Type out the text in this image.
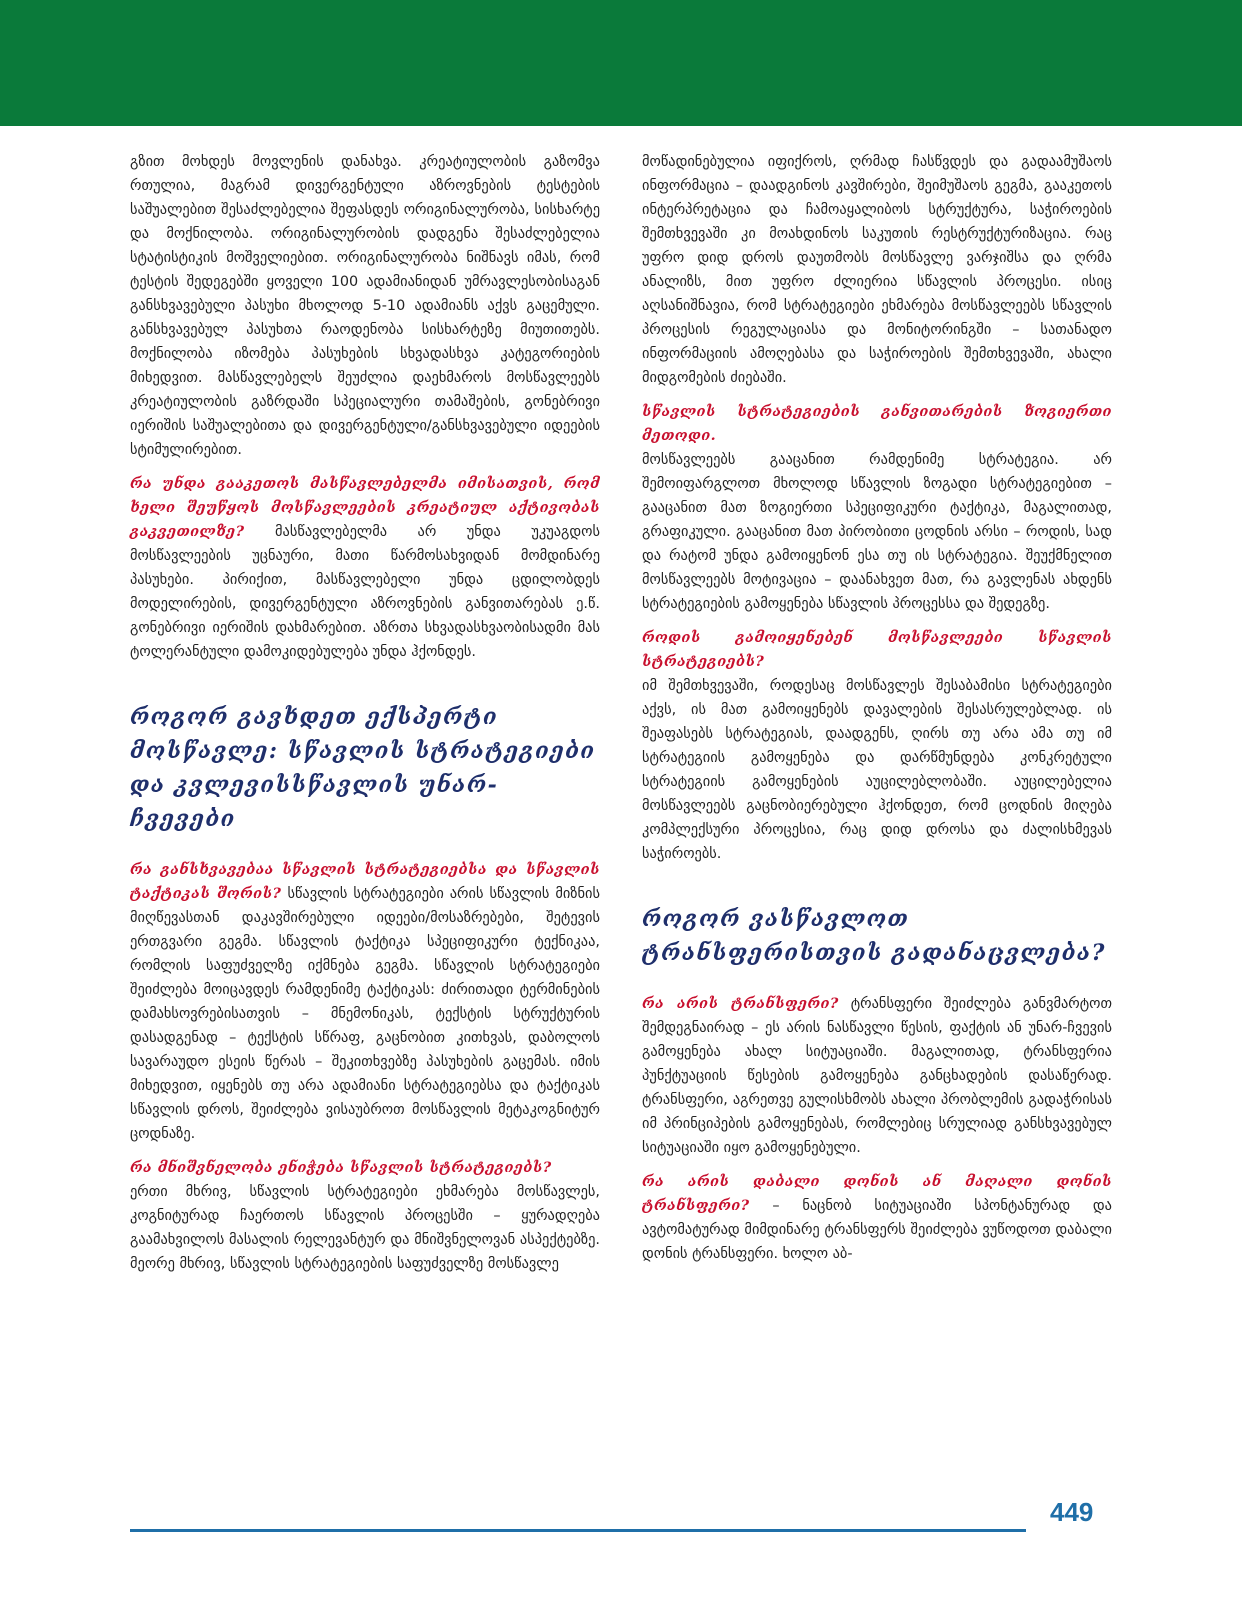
გზით მოხდეს მოვლენის დანახვა. კრეატიულობის გაზომვა რთულია, მაგრამ დივერგენტული აზროვნების ტესტების საშუალებით შესაძლებელია შეფასდეს ორიგინალურობა, სისხარტე და მოქნილობა. ორიგინალურობის დადგენა შესაძლებელია სტატისტიკის მოშველიებით. ორიგინალურობა ნიშნავს იმას, რომ ტესტის შედეგებში ყოველი 100 ადამიანიდან უმრავლესობისაგან განსხვავებული პასუხი მხოლოდ 5-10 ადამიანს აქვს გაცემული. განსხვავებულ პასუხთა რაოდენობა სისხარტეზე მიუთითებს. მოქნილობა იზომება პასუხების სხვადასხვა კატეგორიების მიხედვით. მასწავლებელს შეუძლია დაეხმაროს მოსწავლეებს კრეატიულობის გაზრდაში სპეციალური თამაშების, გონებრივი იერიშის საშუალებითა და დივერგენტული/განსხვავებული იდეების სტიმულირებით.

რა უნდა გააკეთოს მასწავლებელმა იმისათვის, რომ ხელი შეუწყოს მოსწავლეების კრეატიულ აქტივობას გაკვეთილზე? მასწავლებელმა არ უნდა უკუაგდოს მოსწავლეების უცნაური, მათი წარმოსახვიდან მომდინარე პასუხები. პირიქით, მასწავლებელი უნდა ცდილობდეს მოდელირების, დივერგენტული აზროვნების განვითარებას ე.წ. გონებრივი იერიშის დახმარებით. აზრთა სხვადასხვაობისადმი მას ტოლერანტული დამოკიდებულება უნდა ჰქონდეს.

როგორ გავხდეთ ექსპერტი მოსწავლე: სწავლის სტრატეგიები და კვლევისსწავლის უნარ-ჩვევები

რა განსხვავებაა სწავლის სტრატეგიებსა და სწავლის ტაქტიკას შორის? სწავლის სტრატეგიები არის სწავლის მიზნის მიღწევასთან დაკავშირებული იდეები/მოსაზრებები, შეტევის ერთგვარი გეგმა. სწავლის ტაქტიკა სპეციფიკური ტექნიკაა, რომლის საფუძველზე იქმნება გეგმა. სწავლის სტრატეგიები შეიძლება მოიცავდეს რამდენიმე ტაქტიკას: ძირითადი ტერმინების დამახსოვრებისათვის – მნემონიკას, ტექსტის სტრუქტურის დასადგენად – ტექსტის სწრაფ, გაცნობით კითხვას, დაბოლოს სავარაუდო ესეის წერას – შეკითხვებზე პასუხების გაცემას. იმის მიხედვით, იყენებს თუ არა ადამიანი სტრატეგიებსა და ტაქტიკას სწავლის დროს, შეიძლება ვისაუბროთ მოსწავლის მეტაკოგნიტურ ცოდნაზე.

რა მნიშვნელობა ენიჭება სწავლის სტრატეგიებს?

ერთი მხრივ, სწავლის სტრატეგიები ეხმარება მოსწავლეს, კოგნიტურად ჩაერთოს სწავლის პროცესში – ყურადღება გაამახვილოს მასალის რელევანტურ და მნიშვნელოვან ასპექტებზე. მეორე მხრივ, სწავლის სტრატეგიების საფუძველზე მოსწავლე

მოწადინებულია იფიქროს, ღრმად ჩასწვდეს და გადაამუშაოს ინფორმაცია – დაადგინოს კავშირები, შეიმუშაოს გეგმა, გააკეთოს ინტერპრეტაცია და ჩამოაყალიბოს სტრუქტურა, საჭიროების შემთხვევაში კი მოახდინოს საკუთის რესტრუქტურიზაცია. რაც უფრო დიდ დროს დაუთმობს მოსწავლე ვარჯიშსა და ღრმა ანალიზს, მით უფრო ძლიერია სწავლის პროცესი. ისიც აღსანიშნავია, რომ სტრატეგიები ეხმარება მოსწავლეებს სწავლის პროცესის რეგულაციასა და მონიტორინგში – სათანადო ინფორმაციის ამოღებასა და საჭიროების შემთხვევაში, ახალი მიდგომების ძიებაში.

სწავლის სტრატეგიების განვითარების ზოგიერთი მეთოდი.

მოსწავლეებს გააცანით რამდენიმე სტრატეგია. არ შემოიფარგლოთ მხოლოდ სწავლის ზოგადი სტრატეგიებით – გააცანით მათ ზოგიერთი სპეციფიკური ტაქტიკა, მაგალითად, გრაფიკული. გააცანით მათ პირობითი ცოდნის არსი – როდის, სად და რატომ უნდა გამოიყენონ ესა თუ ის სტრატეგია. შეუქმნელით მოსწავლეებს მოტივაცია – დაანახვეთ მათ, რა გავლენას ახდენს სტრატეგიების გამოყენება სწავლის პროცესსა და შედეგზე.

როდის გამოიყენებენ მოსწავლეები სწავლის სტრატეგიებს?

იმ შემთხვევაში, როდესაც მოსწავლეს შესაბამისი სტრატეგიები აქვს, ის მათ გამოიყენებს დავალების შესასრულებლად. ის შეაფასებს სტრატეგიას, დაადგენს, ღირს თუ არა ამა თუ იმ სტრატეგიის გამოყენება და დარწმუნდება კონკრეტული სტრატეგიის გამოყენების აუცილებლობაში. აუცილებელია მოსწავლეებს გაცნობიერებული ჰქონდეთ, რომ ცოდნის მიღება კომპლექსური პროცესია, რაც დიდ დროსა და ძალისხმევას საჭიროებს.

როგორ ვასწავლოთ ტრანსფერისთვის გადანაცვლება?

რა არის ტრანსფერი? ტრანსფერი შეიძლება განვმარტოთ შემდეგნაირად – ეს არის ნასწავლი წესის, ფაქტის ან უნარ-ჩვევის გამოყენება ახალ სიტუაციაში. მაგალითად, ტრანსფერია პუნქტუაციის წესების გამოყენება განცხადების დასაწერად. ტრანსფერი, აგრეთვე გულისხმობს ახალი პრობლემის გადაჭრისას იმ პრინციპების გამოყენებას, რომლებიც სრულიად განსხვავებულ სიტუაციაში იყო გამოყენებული.

რა არის დაბალი დონის ან მაღალი დონის ტრანსფერი? – ნაცნობ სიტუაციაში სპონტანურად და ავტომატურად მიმდინარე ტრანსფერს შეიძლება ვუწოდოთ დაბალი დონის ტრანსფერი. ხოლო აბ-

449
